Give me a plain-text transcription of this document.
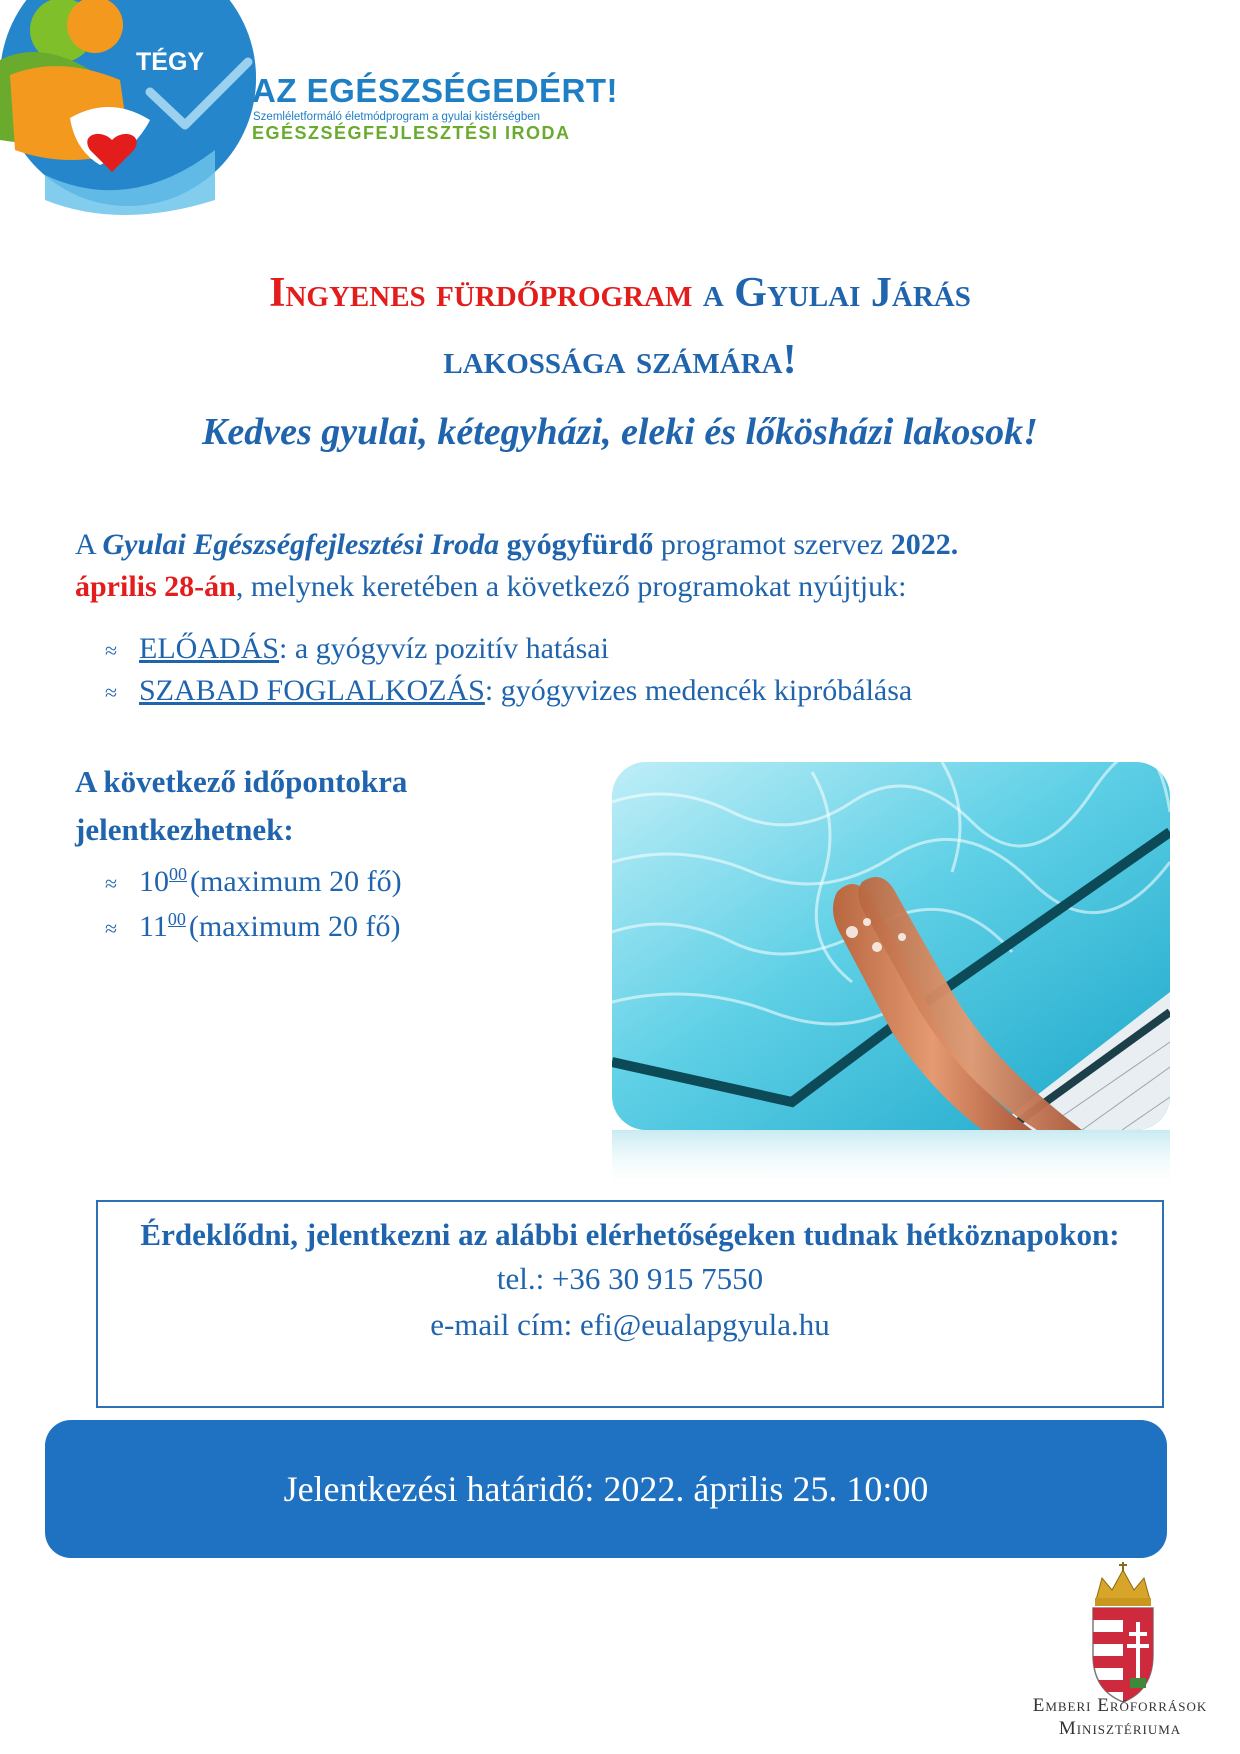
TÉGY
AZ EGÉSZSÉGEDÉRT!
Szemléletformáló életmódprogram a gyulai kistérségben
EGÉSZSÉGFEJLESZTÉSI IRODA
Ingyenes fürdőprogram a Gyulai Járás
lakossága számára!
Kedves gyulai, kétegyházi, eleki és lőkösházi lakosok!
A Gyulai Egészségfejlesztési Iroda gyógyfürdő programot szervez 2022.
április 28-án, melynek keretében a következő programokat nyújtjuk:
≈ ELŐADÁS: a gyógyvíz pozitív hatásai
≈ SZABAD FOGLALKOZÁS: gyógyvizes medencék kipróbálása
A következő időpontokra jelentkezhetnek:
≈ $10^{00}$ (maximum 20 fő)
≈ $11^{00}$ (maximum 20 fő)
Érdeklődni, jelentkezni az alábbi elérhetőségeken tudnak hétköznapokon:
tel.: +36 30 915 7550
e-mail cím: efi@eualapgyula.hu
Jelentkezési határidő: 2022. április 25. 10:00
Emberi Erőforrások
Minisztériuma
